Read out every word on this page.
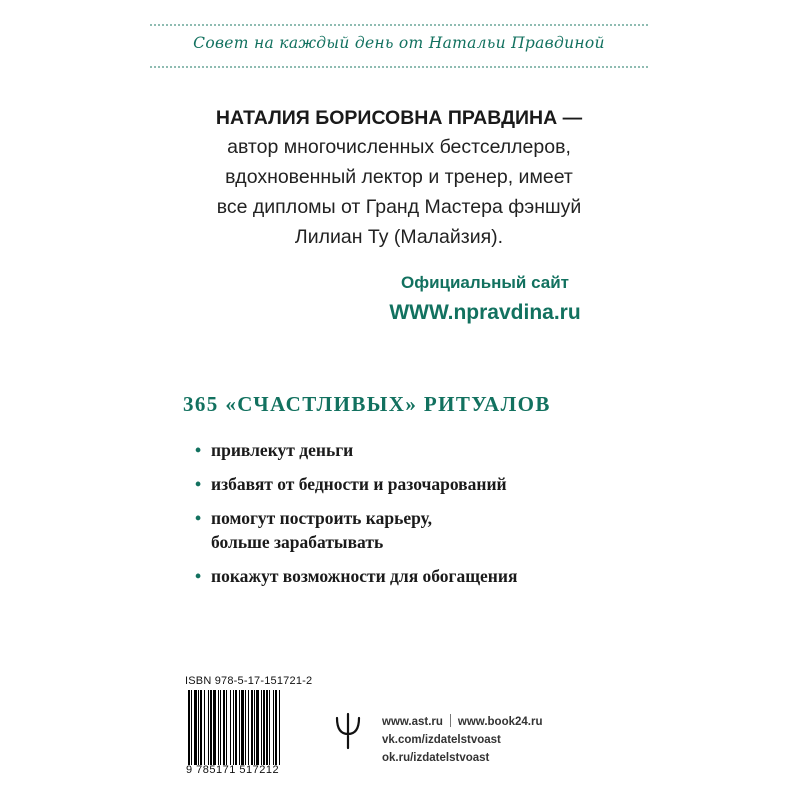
Совет на каждый день от Натальи Правдиной
НАТАЛИЯ БОРИСОВНА ПРАВДИНА —

автор многочисленных бестселлеров,

вдохновенный лектор и тренер, имеет

все дипломы от Гранд Мастера фэншуй

Лилиан Ту (Малайзия).

Официальный сайт
WWW.npravdina.ru
365 «СЧАСТЛИВЫХ» РИТУАЛОВ
• привлекут деньги
• избавят от бедности и разочарований
• помогут построить карьеру,
больше зарабатывать
• покажут возможности для обогащения
ISBN 978-5-17-151721-2
9 785171 517212
www.ast.ru www.book24.ru
vk.com/izdatelstvoast
ok.ru/izdatelstvoast
